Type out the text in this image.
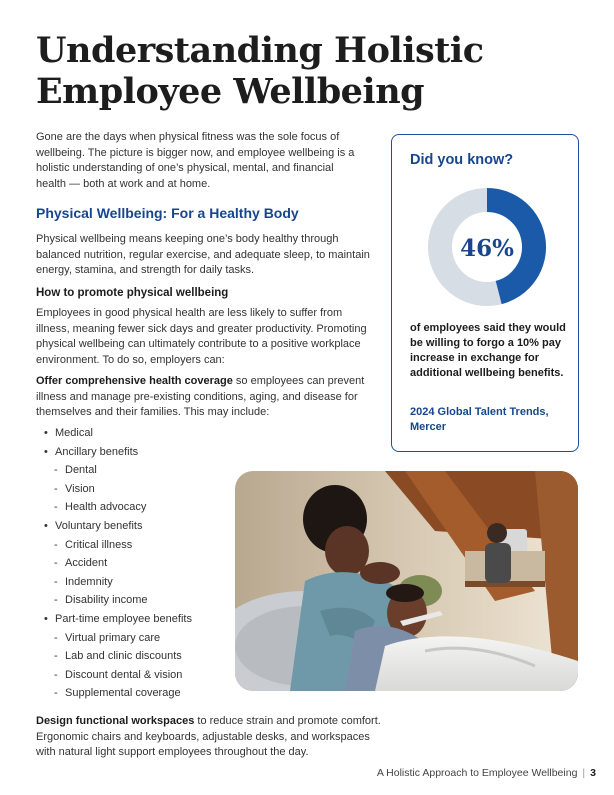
Understanding Holistic
Employee Wellbeing

Gone are the days when physical fitness was the sole focus of wellbeing. The picture is bigger now, and employee wellbeing is a holistic understanding of one’s physical, mental, and financial health — both at work and at home.

Physical Wellbeing: For a Healthy Body

Physical wellbeing means keeping one’s body healthy through balanced nutrition, regular exercise, and adequate sleep, to maintain energy, stamina, and strength for daily tasks.

How to promote physical wellbeing

Employees in good physical health are less likely to suffer from illness, meaning fewer sick days and greater productivity. Promoting physical wellbeing can ultimately contribute to a positive workplace environment. To do so, employers can:

Offer comprehensive health coverage so employees can prevent illness and manage pre-existing conditions, aging, and disease for themselves and their families. This may include:

• Medical
• Ancillary benefits
- Dental
- Vision
- Health advocacy
• Voluntary benefits
- Critical illness
- Accident
- Indemnity
- Disability income
• Part-time employee benefits
- Virtual primary care
- Lab and clinic discounts
- Discount dental & vision
- Supplemental coverage

Design functional workspaces to reduce strain and promote comfort. Ergonomic chairs and keyboards, adjustable desks, and workspaces with natural light support employees throughout the day.

Did you know?
46%

of employees said they would be willing to forgo a 10% pay increase in exchange for additional wellbeing benefits.

2024 Global Talent Trends, Mercer

A Holistic Approach to Employee Wellbeing | 3
